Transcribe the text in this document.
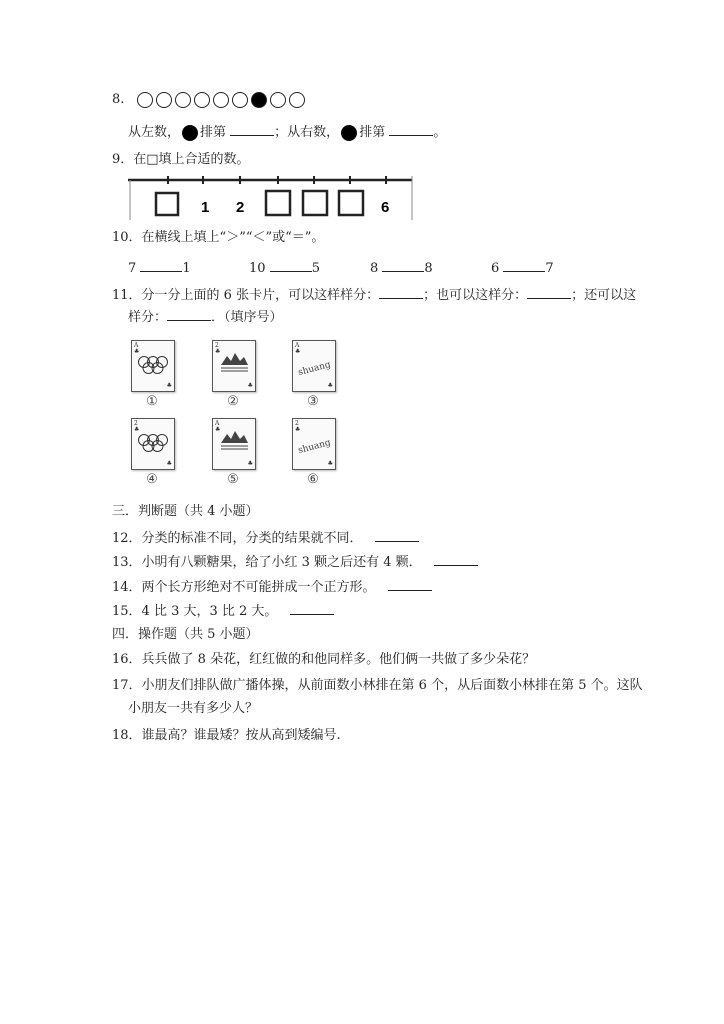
8.
从左数， 排第	；从右数， 排第	。
9．在□填上合适的数。
1 2	6
10．在横线上填上“＞”“＜”或“＝”。
7	1	10	5	8	8	6	7
11．分一分上面的 6 张卡片，可以这样样分：	；也可以这样分：	；还可以这
样分：	．（填序号）
A
♣
♣
2
♣
♣
A
♣
shuang
♣
①	②	③
2
♣
♣
A
♣
♣
2
♣
shuang
♣
④	⑤	⑥
三．判断题（共 4 小题）
12．分类的标准不同，分类的结果就不同．
13．小明有八颗糖果，给了小红 3 颗之后还有 4 颗．
14．两个长方形绝对不可能拼成一个正方形。
15．4 比 3 大，3 比 2 大。
四．操作题（共 5 小题）
16．兵兵做了 8 朵花，红红做的和他同样多。他们俩一共做了多少朵花？
17．小朋友们排队做广播体操，从前面数小林排在第 6 个，从后面数小林排在第 5 个。这队
小朋友一共有多少人？
18．谁最高？谁最矮？按从高到矮编号.
